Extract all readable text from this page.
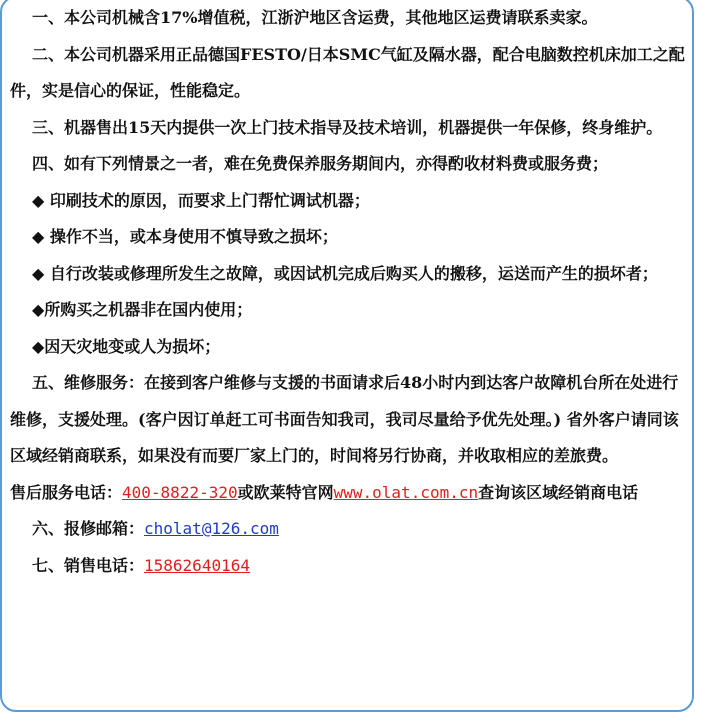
一、本公司机械含17%增值税，江浙沪地区含运费，其他地区运费请联系卖家。

二、本公司机器采用正品德国FESTO/日本SMC气缸及隔水器，配合电脑数控机床加工之配件，实是信心的保证，性能稳定。

三、机器售出15天内提供一次上门技术指导及技术培训，机器提供一年保修，终身维护。

四、如有下列情景之一者，难在免费保养服务期间内，亦得酌收材料费或服务费；

◆ 印刷技术的原因，而要求上门帮忙调试机器；

◆ 操作不当，或本身使用不慎导致之损坏；

◆ 自行改装或修理所发生之故障，或因试机完成后购买人的搬移，运送而产生的损坏者；

◆所购买之机器非在国内使用；

◆因天灾地变或人为损坏；

五、维修服务：在接到客户维修与支援的书面请求后48小时内到达客户故障机台所在处进行维修，支援处理。(客户因订单赶工可书面告知我司，我司尽量给予优先处理。) 省外客户请同该区域经销商联系，如果没有而要厂家上门的，时间将另行协商，并收取相应的差旅费。

售后服务电话：400-8822-320或欧莱特官网www.olat.com.cn查询该区域经销商电话

六、报修邮箱：cholat@126.com

七、销售电话：15862640164
